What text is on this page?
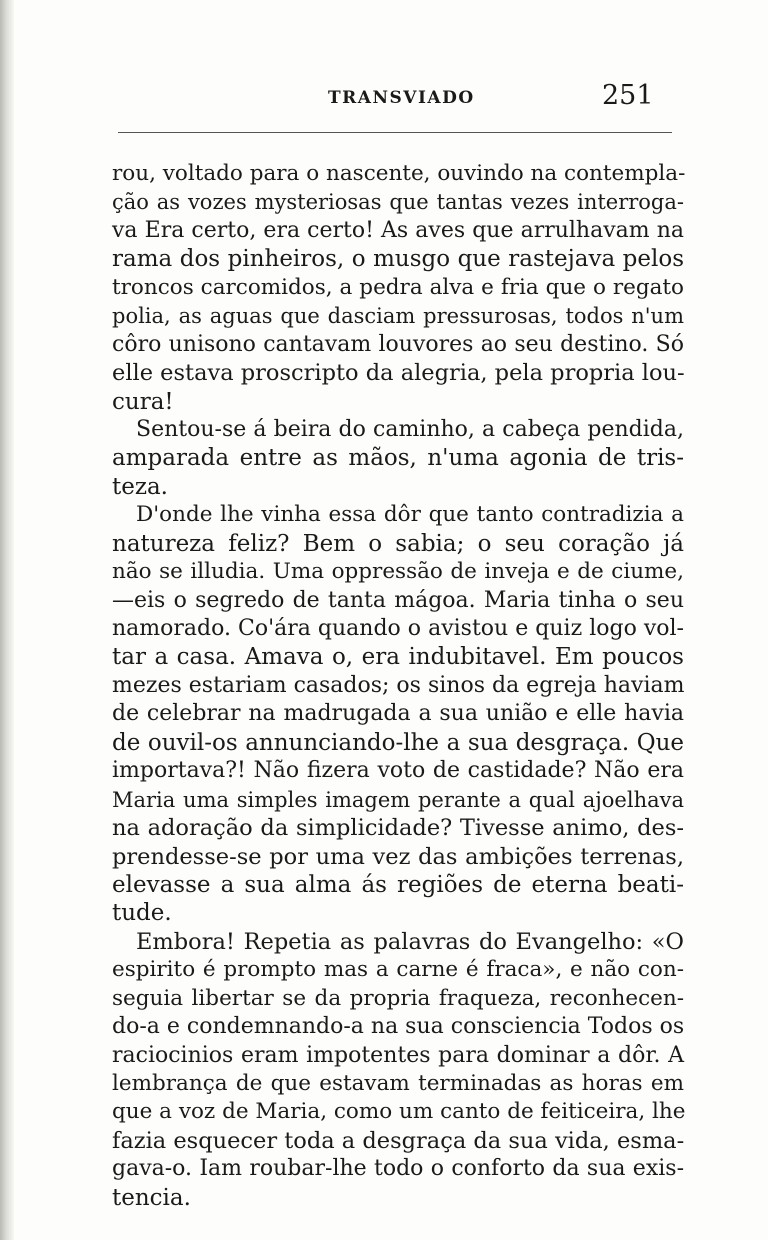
TRANSVIADO	251
rou, voltado para o nascente, ouvindo na contempla-
ção as vozes mysteriosas que tantas vezes interroga-
va Era certo, era certo! As aves que arrulhavam na
rama dos pinheiros, o musgo que rastejava pelos
troncos carcomidos, a pedra alva e fria que o regato
polia, as aguas que dasciam pressurosas, todos n'um
côro unisono cantavam louvores ao seu destino. Só
elle estava proscripto da alegria, pela propria lou-
cura!
Sentou-se á beira do caminho, a cabeça pendida,
amparada entre as mãos, n'uma agonia de tris-
teza.
D'onde lhe vinha essa dôr que tanto contradizia a
natureza feliz? Bem o sabia; o seu coração já
não se illudia. Uma oppressão de inveja e de ciume,
—eis o segredo de tanta mágoa. Maria tinha o seu
namorado. Co'ára quando o avistou e quiz logo vol-
tar a casa. Amava o, era indubitavel. Em poucos
mezes estariam casados; os sinos da egreja haviam
de celebrar na madrugada a sua união e elle havia
de ouvil-os annunciando-lhe a sua desgraça. Que
importava?! Não fizera voto de castidade? Não era
Maria uma simples imagem perante a qual ajoelhava
na adoração da simplicidade? Tivesse animo, des-
prendesse-se por uma vez das ambições terrenas,
elevasse a sua alma ás regiões de eterna beati-
tude.
Embora! Repetia as palavras do Evangelho: «O
espirito é prompto mas a carne é fraca», e não con-
seguia libertar se da propria fraqueza, reconhecen-
do-a e condemnando-a na sua consciencia Todos os
raciocinios eram impotentes para dominar a dôr. A
lembrança de que estavam terminadas as horas em
que a voz de Maria, como um canto de feiticeira, lhe
fazia esquecer toda a desgraça da sua vida, esma-
gava-o. Iam roubar-lhe todo o conforto da sua exis-
tencia.
